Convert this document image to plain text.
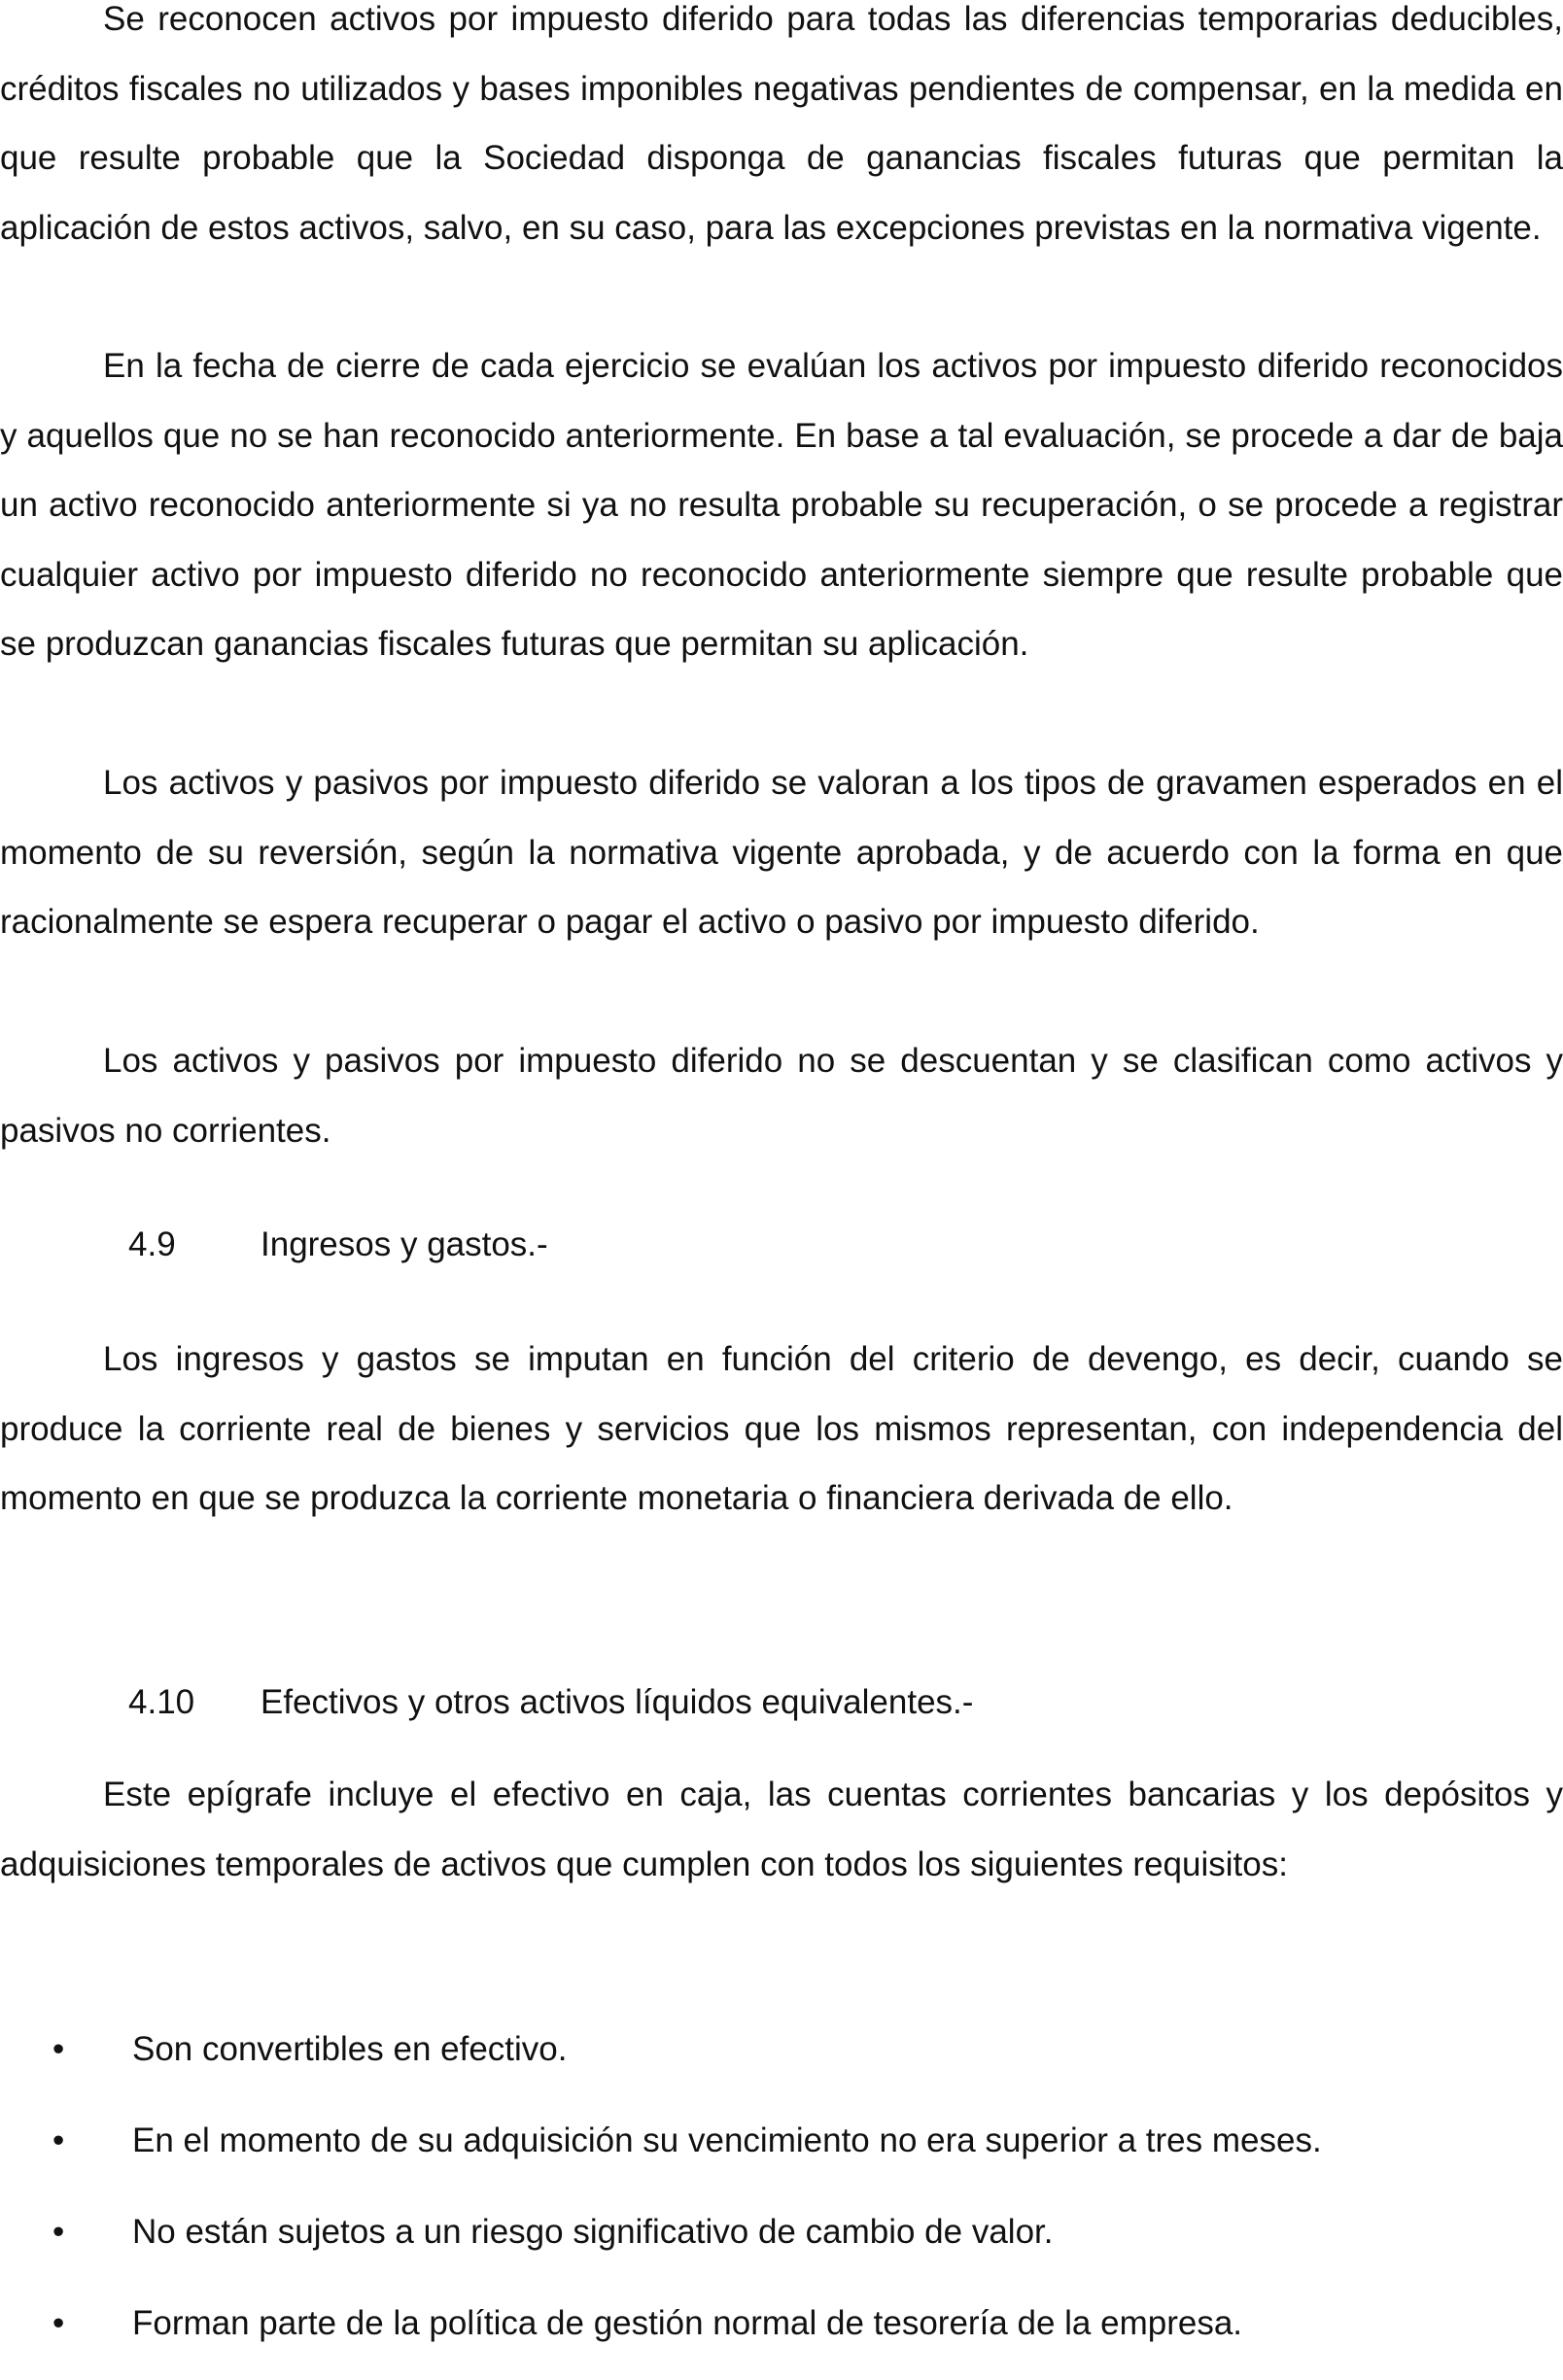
Se reconocen activos por impuesto diferido para todas las diferencias temporarias deducibles, créditos fiscales no utilizados y bases imponibles negativas pendientes de compensar, en la medida en que resulte probable que la Sociedad disponga de ganancias fiscales futuras que permitan la aplicación de estos activos, salvo, en su caso, para las excepciones previstas en la normativa vigente.

En la fecha de cierre de cada ejercicio se evalúan los activos por impuesto diferido reconocidos y aquellos que no se han reconocido anteriormente. En base a tal evaluación, se procede a dar de baja un activo reconocido anteriormente si ya no resulta probable su recuperación, o se procede a registrar cualquier activo por impuesto diferido no reconocido anteriormente siempre que resulte probable que se produzcan ganancias fiscales futuras que permitan su aplicación.

Los activos y pasivos por impuesto diferido se valoran a los tipos de gravamen esperados en el momento de su reversión, según la normativa vigente aprobada, y de acuerdo con la forma en que racionalmente se espera recuperar o pagar el activo o pasivo por impuesto diferido.

Los activos y pasivos por impuesto diferido no se descuentan y se clasifican como activos y pasivos no corrientes.

4.9 Ingresos y gastos.-

Los ingresos y gastos se imputan en función del criterio de devengo, es decir, cuando se produce la corriente real de bienes y servicios que los mismos representan, con independencia del momento en que se produzca la corriente monetaria o financiera derivada de ello.

4.10 Efectivos y otros activos líquidos equivalentes.-

Este epígrafe incluye el efectivo en caja, las cuentas corrientes bancarias y los depósitos y adquisiciones temporales de activos que cumplen con todos los siguientes requisitos:

• Son convertibles en efectivo.
• En el momento de su adquisición su vencimiento no era superior a tres meses.
• No están sujetos a un riesgo significativo de cambio de valor.
• Forman parte de la política de gestión normal de tesorería de la empresa.
